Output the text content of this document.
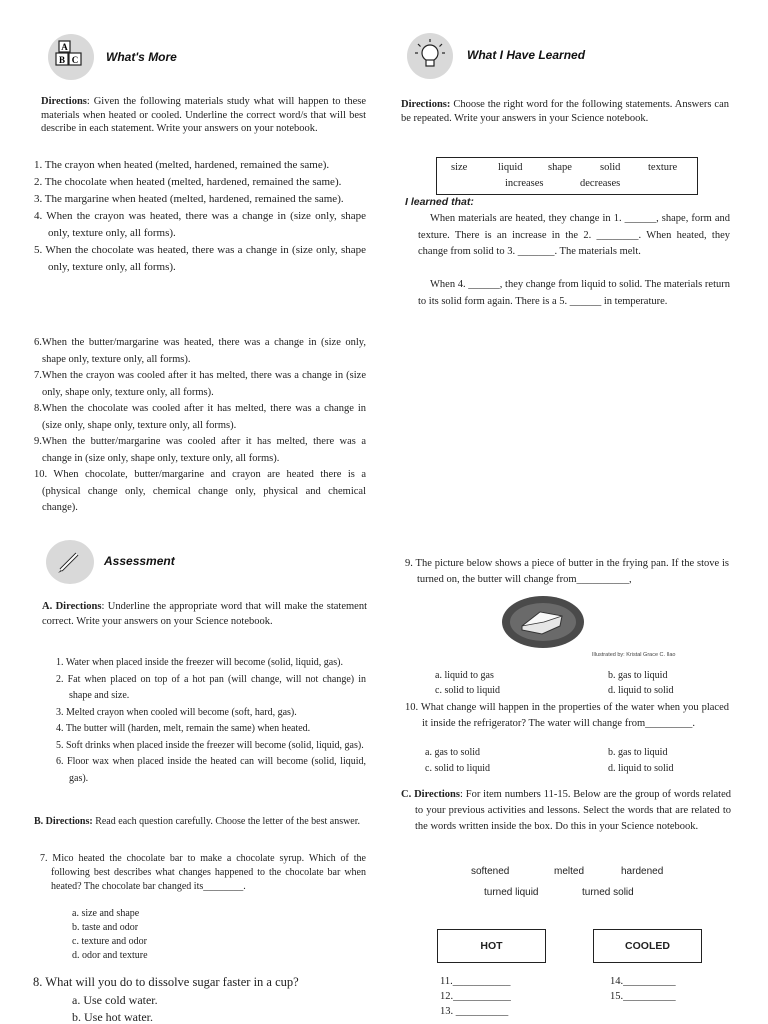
A
B C What's More
Directions: Given the following materials study what will happen to these materials when heated or cooled. Underline the correct word/s that will best describe in each statement. Write your answers on your notebook.
1. The crayon when heated (melted, hardened, remained the same).
2. The chocolate when heated (melted, hardened, remained the same).
3. The margarine when heated (melted, hardened, remained the same).
4. When the crayon was heated, there was a change in (size only, shape only, texture only, all forms).
5. When the chocolate was heated, there was a change in (size only, shape only, texture only, all forms).
6.When the butter/margarine was heated, there was a change in (size only, shape only, texture only, all forms).
7.When the crayon was cooled after it has melted, there was a change in (size only, shape only, texture only, all forms).
8.When the chocolate was cooled after it has melted, there was a change in (size only, shape only, texture only, all forms).
9.When the butter/margarine was cooled after it has melted, there was a change in (size only, shape only, texture only, all forms).
10. When chocolate, butter/margarine and crayon are heated there is a (physical change only, chemical change only, physical and chemical change).
What I Have Learned
Directions: Choose the right word for the following statements. Answers can be repeated. Write your answers in your Science notebook.
size	liquid shape	solid	texture
increases	decreases
I learned that:
When materials are heated, they change in 1. ______, shape, form and texture. There is an increase in the 2. ________. When heated, they change from solid to 3. _______. The materials melt.
When 4. ______, they change from liquid to solid. The materials return to its solid form again. There is a 5. ______ in temperature.
Assessment
A. Directions: Underline the appropriate word that will make the statement correct. Write your answers on your Science notebook.
1. Water when placed inside the freezer will become (solid, liquid, gas).
2. Fat when placed on top of a hot pan (will change, will not change) in shape and size.
3. Melted crayon when cooled will become (soft, hard, gas).
4. The butter will (harden, melt, remain the same) when heated.
5. Soft drinks when placed inside the freezer will become (solid, liquid, gas).
6. Floor wax when placed inside the heated can will become (solid, liquid, gas).
B. Directions: Read each question carefully. Choose the letter of the best answer.
7. Mico heated the chocolate bar to make a chocolate syrup. Which of the following best describes what changes happened to the chocolate bar when heated? The chocolate bar changed its________.
a. size and shape
b. taste and odor
c. texture and odor
d. odor and texture
8. What will you do to dissolve sugar faster in a cup?
a. Use cold water.
b. Use hot water.
9. The picture below shows a piece of butter in the frying pan. If the stove is turned on, the butter will change from__________,
Illustrated by: Kristal Grace C. Ilao
a. liquid to gas	b. gas to liquid
c. solid to liquid	d. liquid to solid
10. What change will happen in the properties of the water when you placed it inside the refrigerator? The water will change from_________.
a. gas to solid	b. gas to liquid
c. solid to liquid	d. liquid to solid
C. Directions: For item numbers 11-15. Below are the group of words related to your previous activities and lessons. Select the words that are related to the words written inside the box. Do this in your Science notebook.
softened	melted	hardened
turned liquid	turned solid
HOT	COOLED
11.___________
12.___________
13. __________
14.__________
15.__________
